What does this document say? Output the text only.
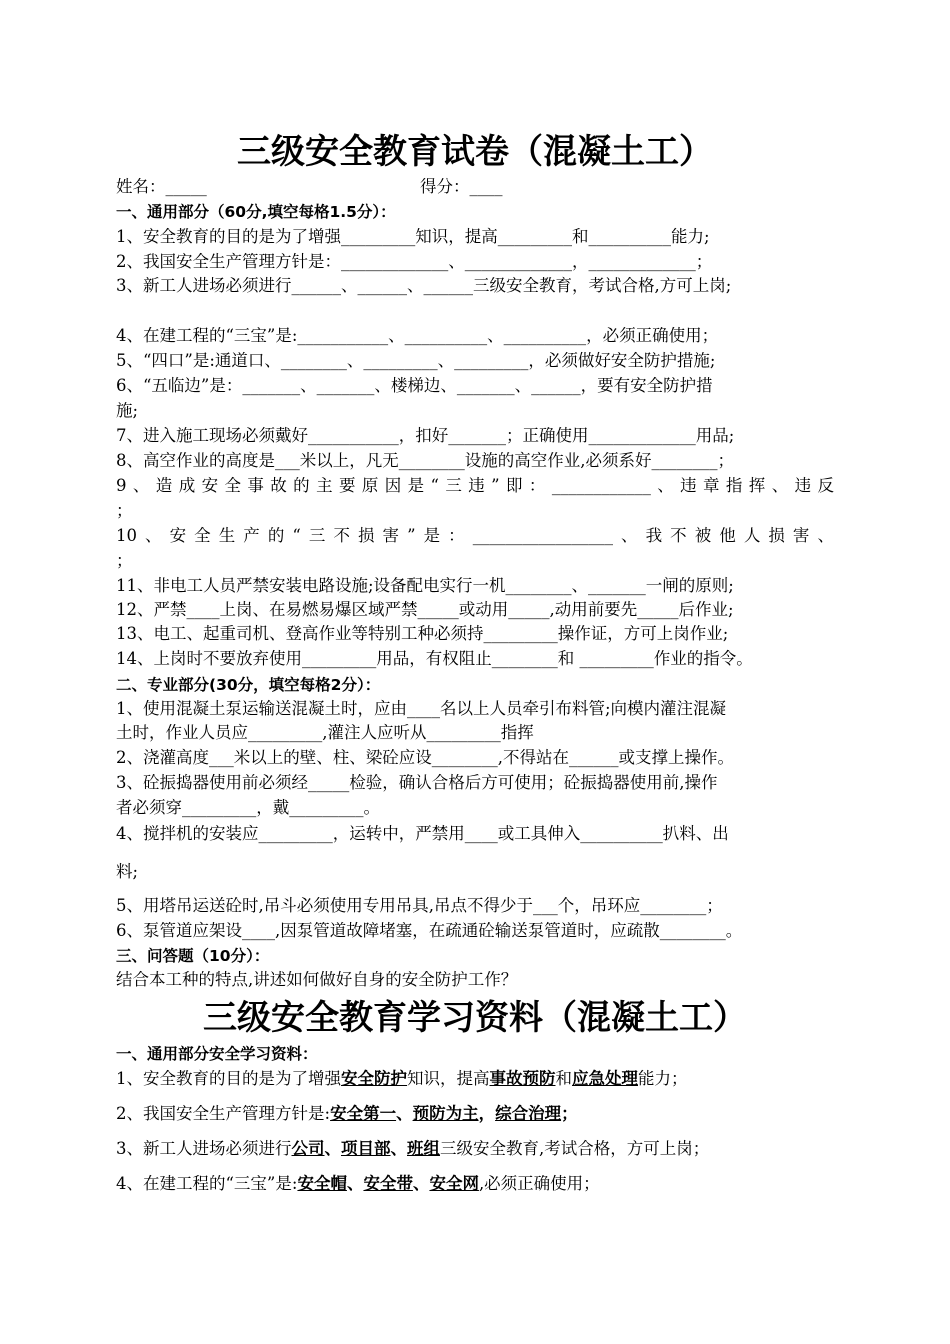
三级安全教育试卷（混凝土工）
姓名：_____	得分：____
一、通用部分（60分,填空每格1.5分）：
1、安全教育的目的是为了增强_________知识，提高_________和__________能力;
2、我国安全生产管理方针是：_____________、_____________，_____________；
3、新工人进场必须进行______、______、______三级安全教育，考试合格,方可上岗;
4、在建工程的“三宝”是:___________、__________、__________，必须正确使用；
5、“四口”是:通道口、________、_________、_________，必须做好安全防护措施;
6、“五临边”是：_______、_______、楼梯边、_______、______，要有安全防护措
施;
7、进入施工现场必须戴好___________，扣好_______；正确使用_____________用品;
8、高空作业的高度是___米以上，凡无________设施的高空作业,必须系好________；
9、造成安全事故的主要原因是“三违”即：____________、违章指挥、违反
；
10、安全生产的“三不损害”是：_________________、我不被他人损害、
；
11、非电工人员严禁安装电路设施;设备配电实行一机________、_______一闸的原则;
12、严禁____上岗、在易燃易爆区域严禁_____或动用_____,动用前要先_____后作业;
13、电工、起重司机、登高作业等特别工种必须持_________操作证，方可上岗作业;
14、上岗时不要放弃使用_________用品，有权阻止________和 _________作业的指令。
二、专业部分(30分，填空每格2分）：
1、使用混凝土泵运输送混凝土时，应由____名以上人员牵引布料管;向模内灌注混凝
土时，作业人员应_________,灌注人应听从_________指挥
2、浇灌高度___米以上的壁、柱、梁砼应设________,不得站在______或支撑上操作。
3、砼振捣器使用前必须经_____检验，确认合格后方可使用；砼振捣器使用前,操作
者必须穿_________，戴_________。
4、搅拌机的安装应_________，运转中，严禁用____或工具伸入__________扒料、出
料;
5、用塔吊运送砼时,吊斗必须使用专用吊具,吊点不得少于___个，吊环应________；
6、泵管道应架设____,因泵管道故障堵塞，在疏通砼输送泵管道时，应疏散________。
三、问答题（10分）：
结合本工种的特点,讲述如何做好自身的安全防护工作？
三级安全教育学习资料（混凝土工）
一、通用部分安全学习资料：
1、安全教育的目的是为了增强安全防护知识，提高事故预防和应急处理能力；
2、我国安全生产管理方针是:安全第一、预防为主，综合治理；
3、新工人进场必须进行公司、项目部、班组三级安全教育,考试合格，方可上岗；
4、在建工程的“三宝”是:安全帽、安全带、安全网,必须正确使用；
